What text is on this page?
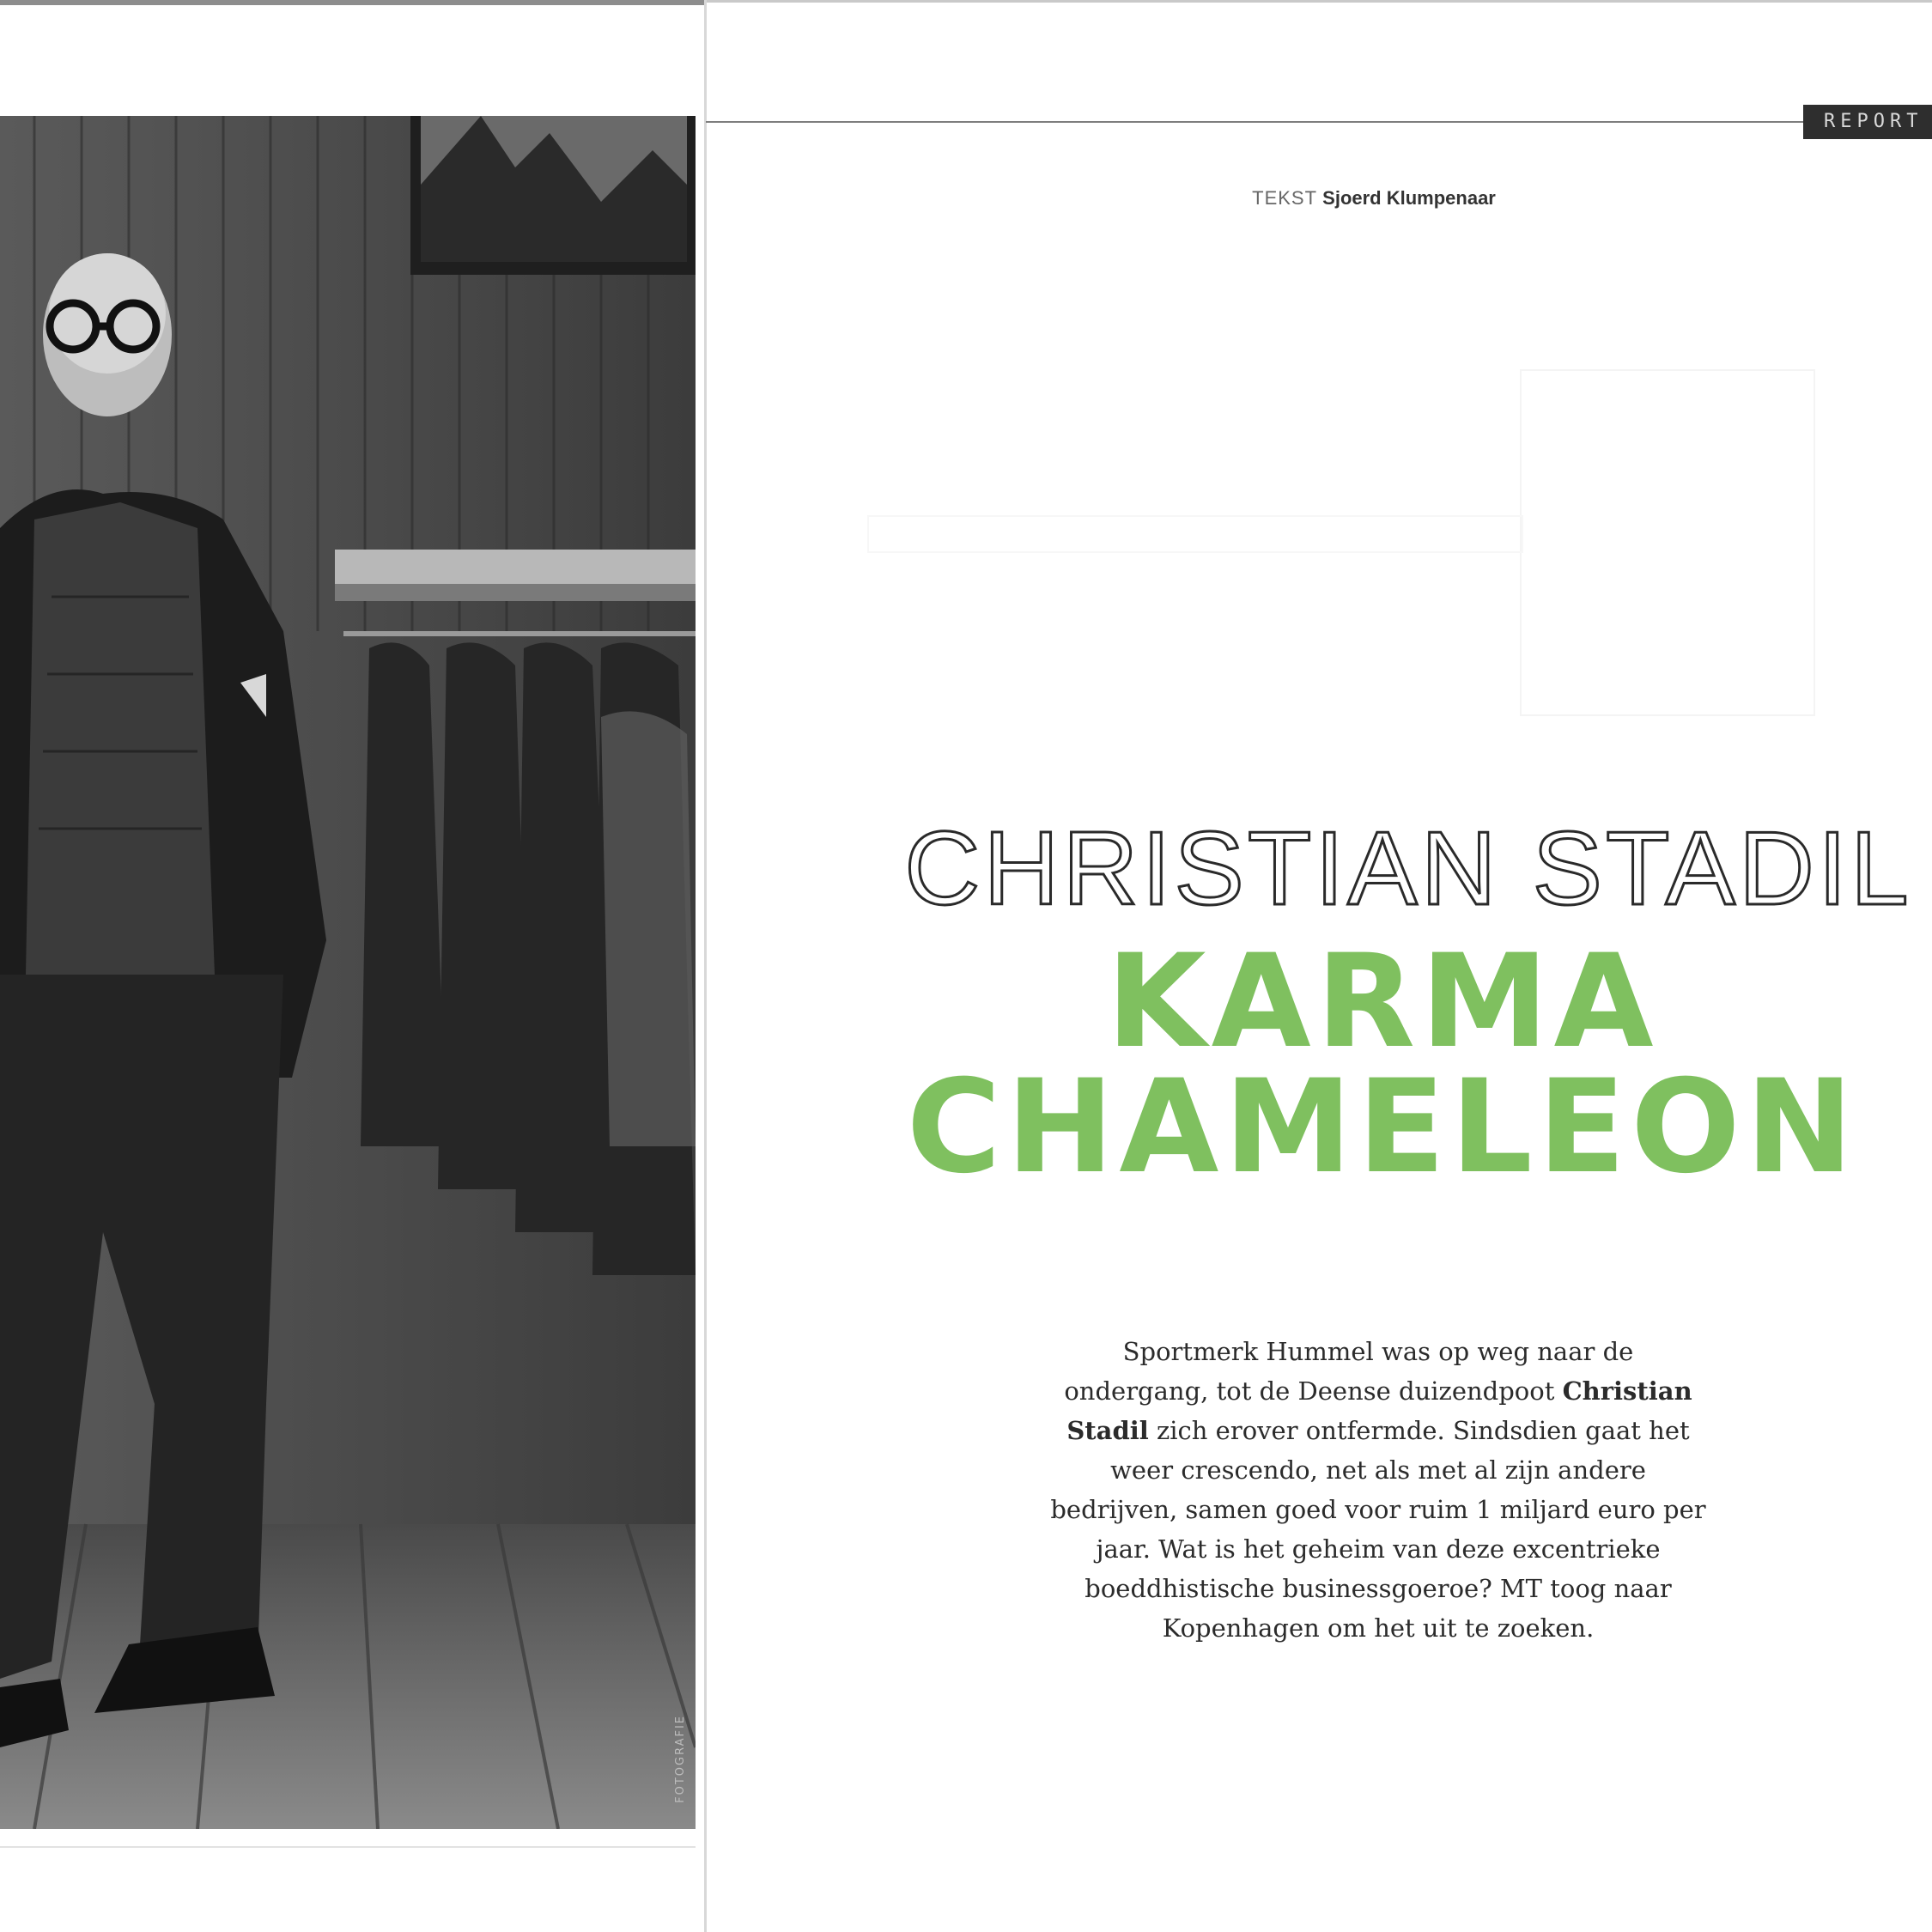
FOTOGRAFIE
REPORT
TEKST Sjoerd Klumpenaar
CHRISTIAN STADIL
KARMA
CHAMELEON

Sportmerk Hummel was op weg naar de ondergang, tot de Deense duizendpoot Christian Stadil zich erover ontfermde. Sindsdien gaat het weer crescendo, net als met al zijn andere bedrijven, samen goed voor ruim 1 miljard euro per jaar. Wat is het geheim van deze excentrieke boeddhistische businessgoeroe? MT toog naar Kopenhagen om het uit te zoeken.
